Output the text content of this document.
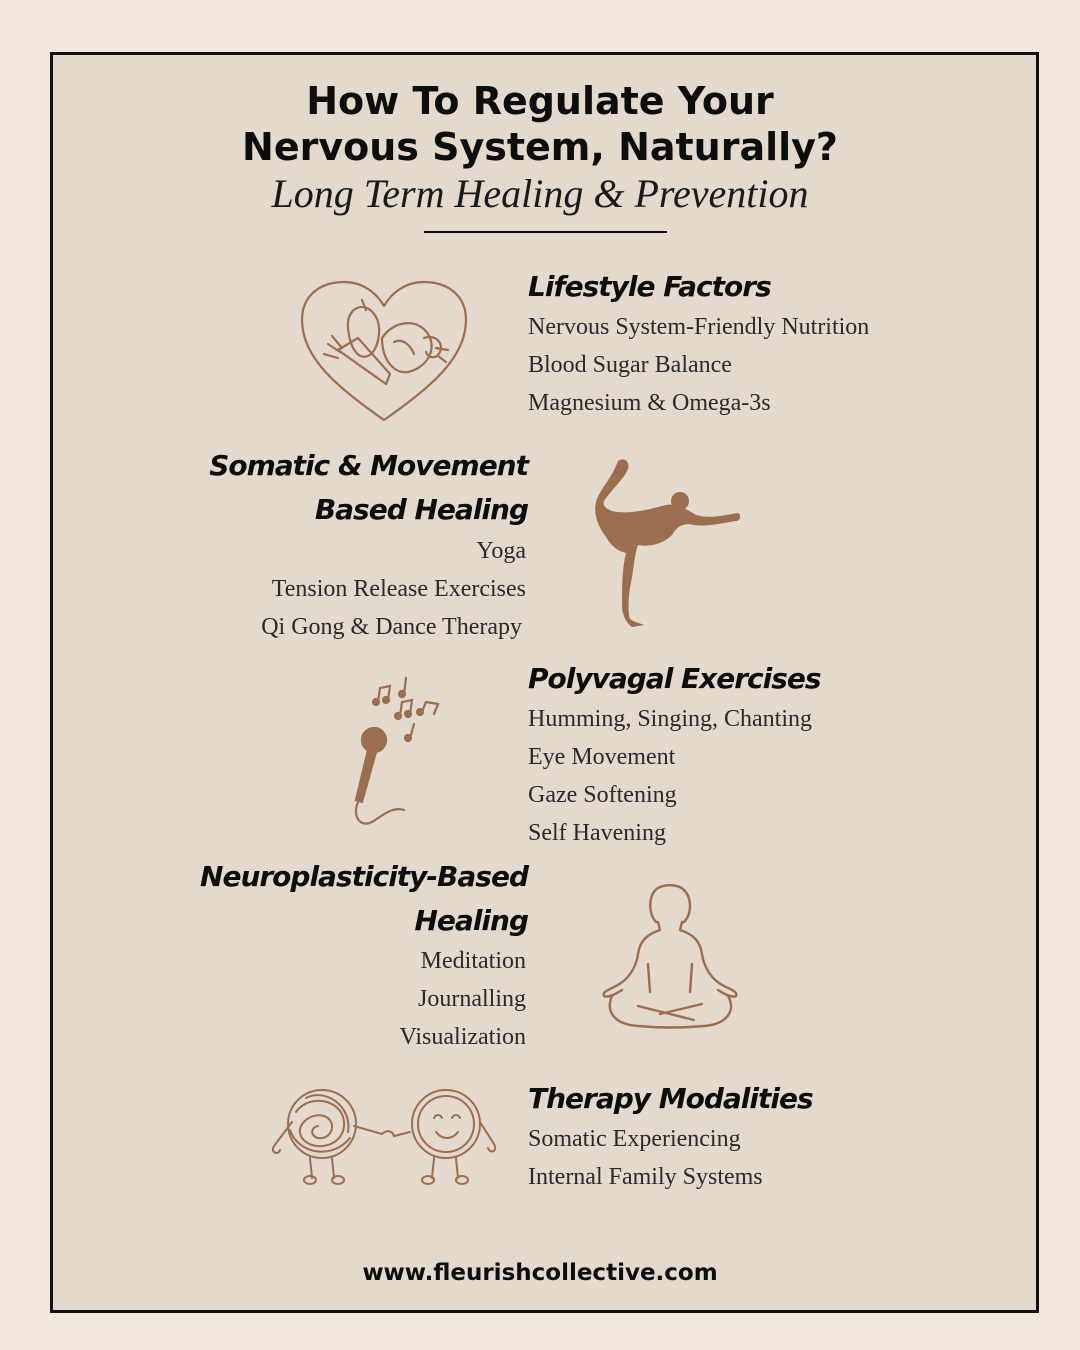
How To Regulate Your
Nervous System, Naturally?
Long Term Healing & Prevention
Lifestyle Factors
Nervous System-Friendly Nutrition
Blood Sugar Balance
Magnesium & Omega-3s
Somatic & Movement
Based Healing
Yoga
Tension Release Exercises
Qi Gong & Dance Therapy
Polyvagal Exercises
Humming, Singing, Chanting
Eye Movement
Gaze Softening
Self Havening
Neuroplasticity-Based
Healing
Meditation
Journalling
Visualization
Therapy Modalities
Somatic Experiencing
Internal Family Systems
www.fleurishcollective.com
